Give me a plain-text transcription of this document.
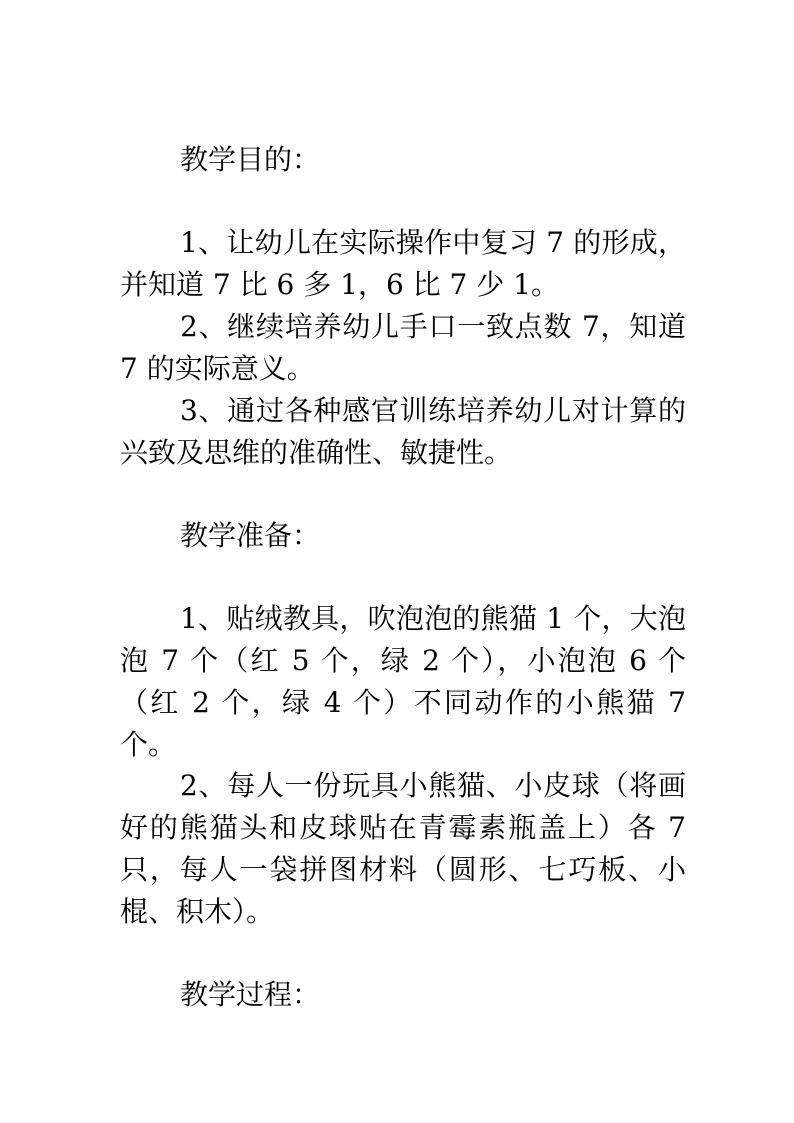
教学目的：

1、让幼儿在实际操作中复习 7 的形成，并知道 7 比 6 多 1，6 比 7 少 1。

2、继续培养幼儿手口一致点数 7，知道 7 的实际意义。

3、通过各种感官训练培养幼儿对计算的兴致及思维的准确性、敏捷性。

教学准备：

1、贴绒教具，吹泡泡的熊猫 1 个，大泡泡 7 个（红 5 个，绿 2 个），小泡泡 6 个（红 2 个，绿 4 个）不同动作的小熊猫 7 个。

2、每人一份玩具小熊猫、小皮球（将画好的熊猫头和皮球贴在青霉素瓶盖上）各 7 只，每人一袋拼图材料（圆形、七巧板、小棍、积木）。

教学过程：
